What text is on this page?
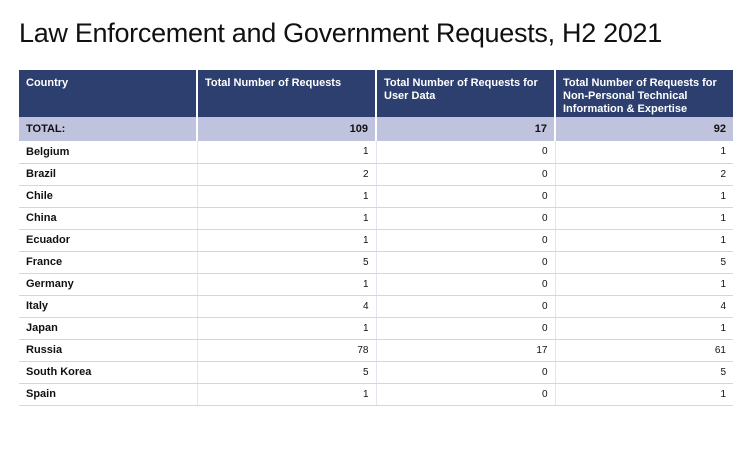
Law Enforcement and Government Requests, H2 2021
Country	Total Number of Requests	Total Number of Requests for User Data	Total Number of Requests for Non-Personal Technical Information & Expertise
TOTAL:	109	17	92
Belgium	1	0	1
Brazil	2	0	2
Chile	1	0	1
China	1	0	1
Ecuador	1	0	1
France	5	0	5
Germany	1	0	1
Italy	4	0	4
Japan	1	0	1
Russia	78	17	61
South Korea	5	0	5
Spain	1	0	1
